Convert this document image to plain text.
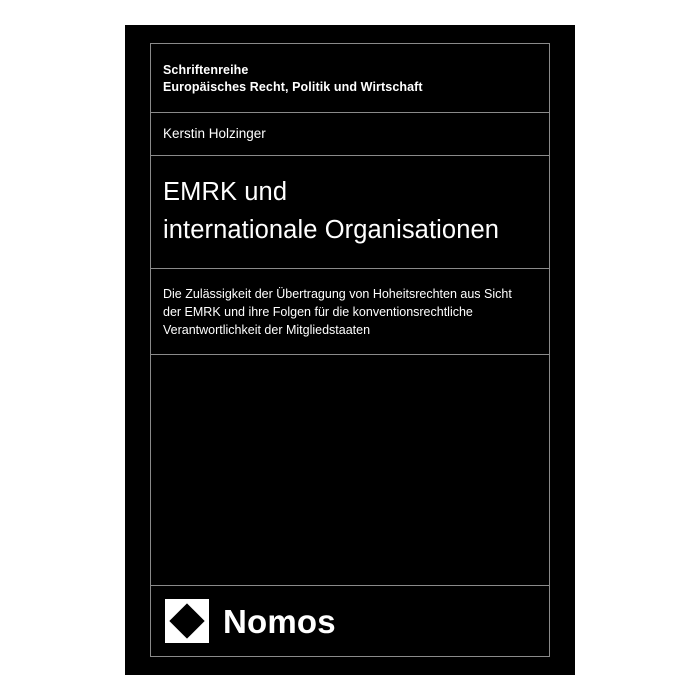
Schriftenreihe
Europäisches Recht, Politik und Wirtschaft
Kerstin Holzinger
EMRK und
internationale Organisationen
Die Zulässigkeit der Übertragung von Hoheitsrechten aus Sicht
der EMRK und ihre Folgen für die konventionsrechtliche
Verantwortlichkeit der Mitgliedstaaten
Nomos
